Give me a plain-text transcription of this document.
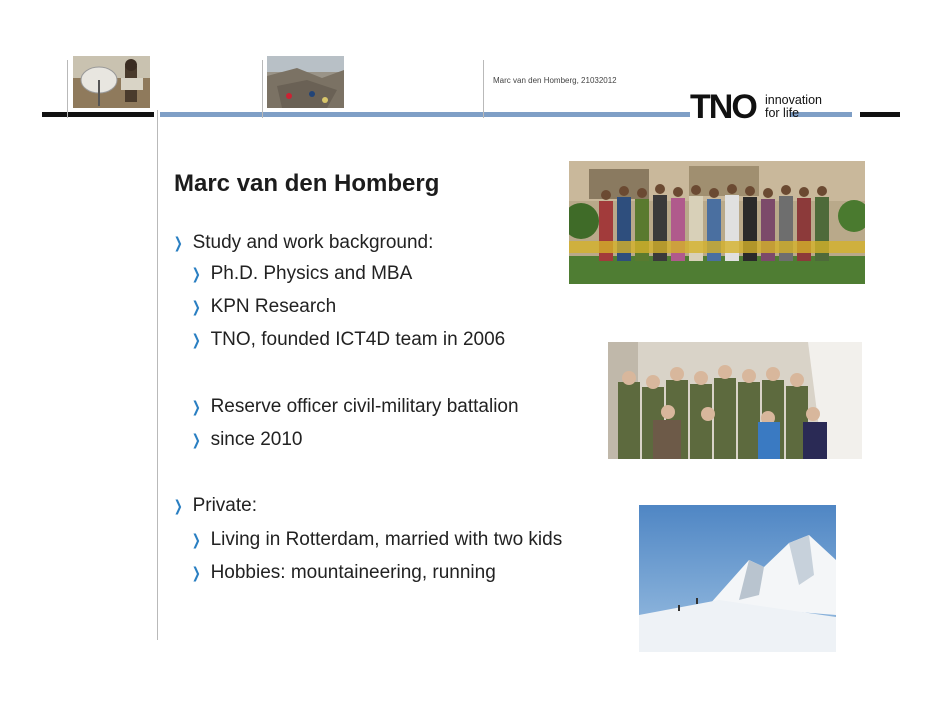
Marc van den Homberg, 21032012
TNO innovation
for life
Marc van den Homberg
❯ Study and work background:
❯ Ph.D. Physics and MBA
❯ KPN Research
❯ TNO, founded ICT4D team in 2006
❯ Reserve officer civil-military battalion
❯ since 2010
❯ Private:
❯ Living in Rotterdam, married with two kids
❯ Hobbies: mountaineering, running
